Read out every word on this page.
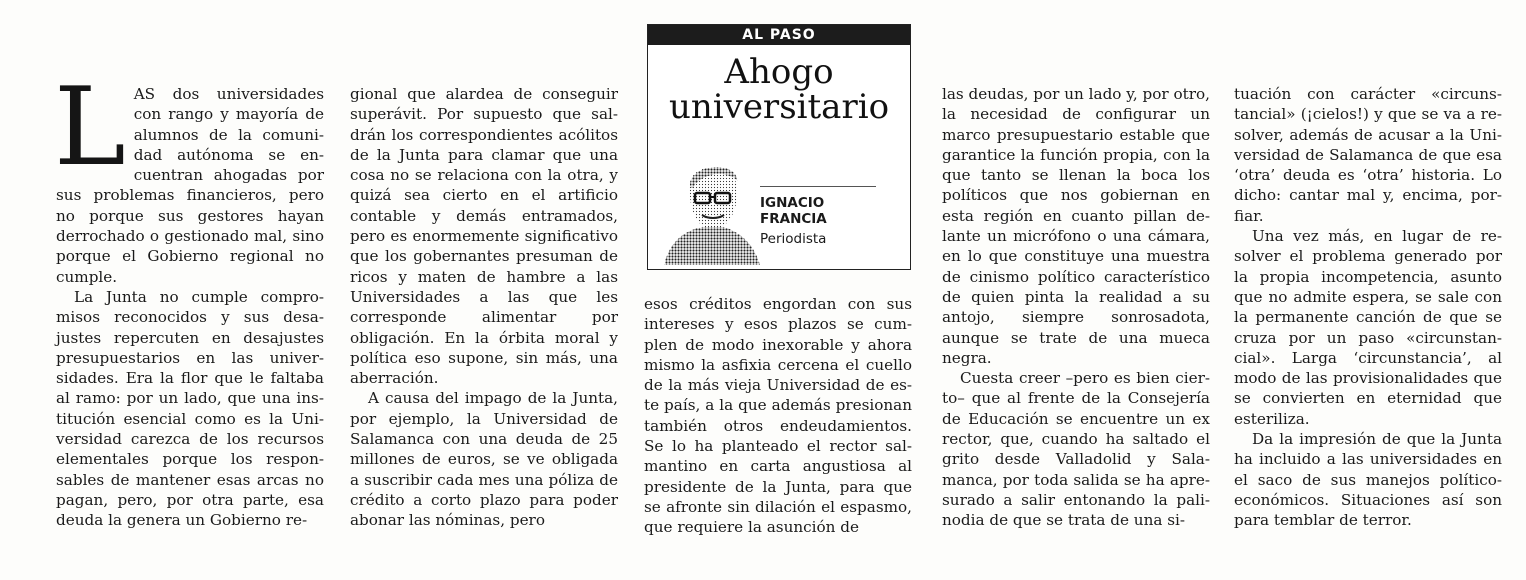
LAS dos universidades con rango y mayoría de alumnos de la comunidad autónoma se encuentran ahogadas por sus problemas financieros, pero no porque sus gestores hayan derrochado o gestionado mal, sino porque el Gobierno regional no cumple.

La Junta no cumple compromisos reconocidos y sus desajustes repercuten en desajustes presupuestarios en las universidades. Era la flor que le faltaba al ramo: por un lado, que una institución esencial como es la Universidad carezca de los recursos elementales porque los responsables de mantener esas arcas no pagan, pero, por otra parte, esa deuda la genera un Gobierno re-

gional que alardea de conseguir superávit. Por supuesto que saldrán los correspondientes acólitos de la Junta para clamar que una cosa no se relaciona con la otra, y quizá sea cierto en el artificio contable y demás entramados, pero es enormemente significativo que los gobernantes presuman de ricos y maten de hambre a las Universidades a las que les corresponde alimentar por obligación. En la órbita moral y política eso supone, sin más, una aberración.

A causa del impago de la Junta, por ejemplo, la Universidad de Salamanca con una deuda de 25 millones de euros, se ve obligada a suscribir cada mes una póliza de crédito a corto plazo para poder abonar las nóminas, pero

AL PASO
Ahogo universitario
IGNACIO
FRANCIA
Periodista

esos créditos engordan con sus intereses y esos plazos se cumplen de modo inexorable y ahora mismo la asfixia cercena el cuello de la más vieja Universidad de este país, a la que además presionan también otros endeudamientos. Se lo ha planteado el rector salmantino en carta angustiosa al presidente de la Junta, para que se afronte sin dilación el espasmo, que requiere la asunción de

las deudas, por un lado y, por otro, la necesidad de configurar un marco presupuestario estable que garantice la función propia, con la que tanto se llenan la boca los políticos que nos gobiernan en esta región en cuanto pillan delante un micrófono o una cámara, en lo que constituye una muestra de cinismo político característico de quien pinta la realidad a su antojo, siempre sonrosadota, aunque se trate de una mueca negra.

Cuesta creer –pero es bien cierto– que al frente de la Consejería de Educación se encuentre un ex rector, que, cuando ha saltado el grito desde Valladolid y Salamanca, por toda salida se ha apresurado a salir entonando la palinodia de que se trata de una si-

tuación con carácter «circunstancial» (¡cielos!) y que se va a resolver, además de acusar a la Universidad de Salamanca de que esa ‘otra’ deuda es ‘otra’ historia. Lo dicho: cantar mal y, encima, porfiar.

Una vez más, en lugar de resolver el problema generado por la propia incompetencia, asunto que no admite espera, se sale con la permanente canción de que se cruza por un paso «circunstancial». Larga ‘circunstancia’, al modo de las provisionalidades que se convierten en eternidad que esteriliza.

Da la impresión de que la Junta ha incluido a las universidades en el saco de sus manejos político-económicos. Situaciones así son para temblar de terror.
